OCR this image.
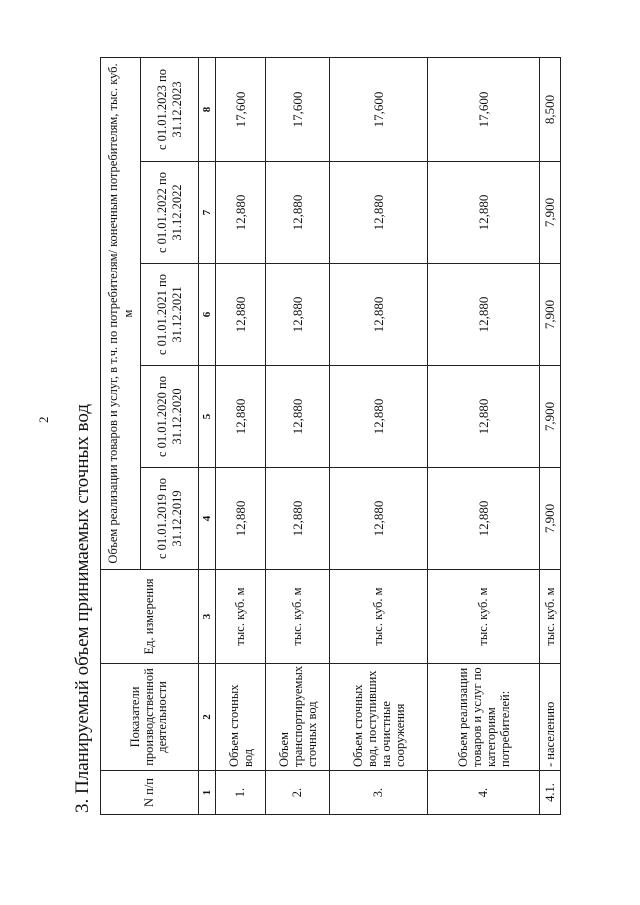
2 3. Планируемый объем принимаемых сточных вод	N п/п	Показатели производственной деятельности	Ед. измерения	Объем реализации товаров и услуг, в т.ч. по потребителям/ конечным потребителям, тыс. куб. м				
			с 01.01.2019 по 31.12.2019	с 01.01.2020 по 31.12.2020	с 01.01.2021 по 31.12.2021	с 01.01.2022 по 31.12.2022	с 01.01.2023 по 31.12.2023
1	2	3	4	5	6	7	8
1.	Объем сточных вод	тыс. куб. м	12,880	12,880	12,880	12,880	17,600
2.	Объем транспортируемых сточных вод	тыс. куб. м	12,880	12,880	12,880	12,880	17,600
3.	Объем сточных вод, поступивших на очистные сооружения	тыс. куб. м	12,880	12,880	12,880	12,880	17,600
4.	Объем реализации товаров и услуг по категориям потребителей:	тыс. куб. м	12,880	12,880	12,880	12,880	17,600
4.1.	- населению	тыс. куб. м	7,900	7,900	7,900	7,900	8,500
